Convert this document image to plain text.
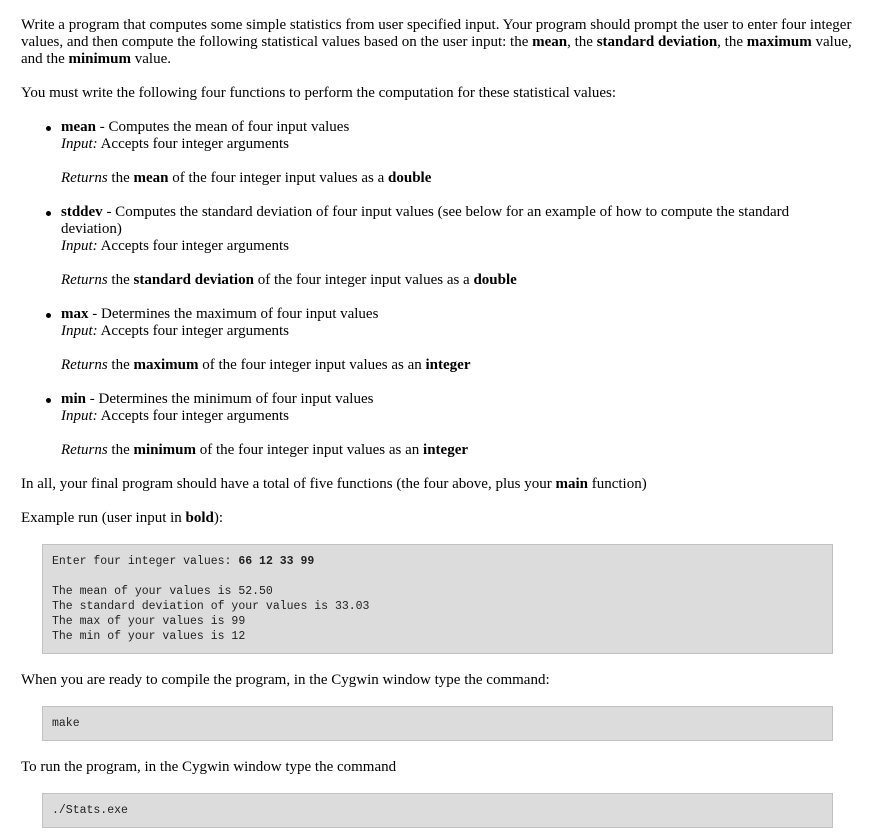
Write a program that computes some simple statistics from user specified input. Your program should prompt the user to enter four integer values, and then compute the following statistical values based on the user input: the mean, the standard deviation, the maximum value, and the minimum value.

You must write the following four functions to perform the computation for these statistical values:

mean - Computes the mean of four input values
Input: Accepts four integer arguments
Returns the mean of the four integer input values as a double
stddev - Computes the standard deviation of four input values (see below for an example of how to compute the standard deviation)
Input: Accepts four integer arguments
Returns the standard deviation of the four integer input values as a double
max - Determines the maximum of four input values
Input: Accepts four integer arguments
Returns the maximum of the four integer input values as an integer
min - Determines the minimum of four input values
Input: Accepts four integer arguments
Returns the minimum of the four integer input values as an integer

In all, your final program should have a total of five functions (the four above, plus your main function)

Example run (user input in bold):

Enter four integer values: 66 12 33 99

The mean of your values is 52.50
The standard deviation of your values is 33.03
The max of your values is 99
The min of your values is 12

When you are ready to compile the program, in the Cygwin window type the command:

make

To run the program, in the Cygwin window type the command

./Stats.exe
